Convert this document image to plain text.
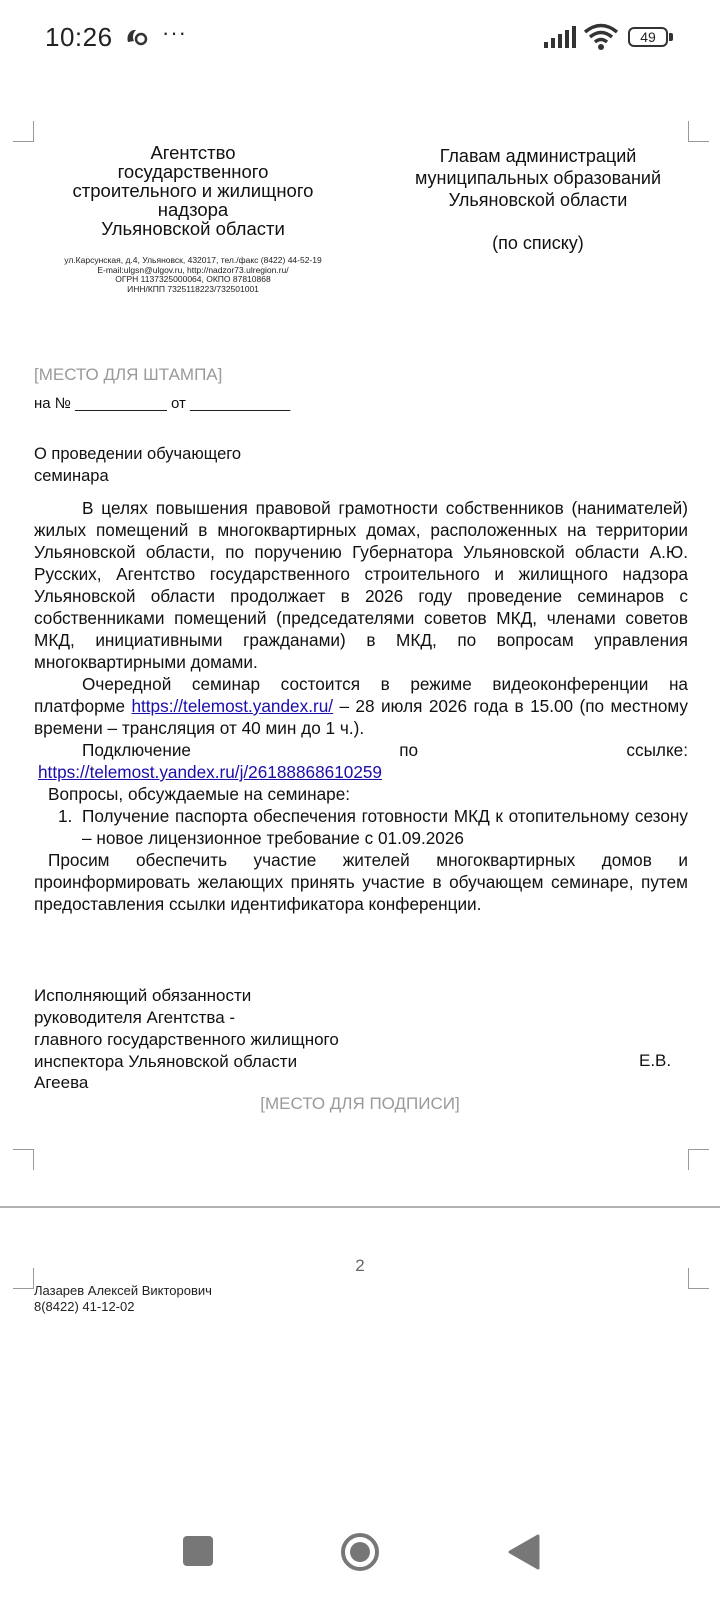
10:26 ···	49
Агентство
государственного
строительного и жилищного
надзора
Ульяновской области
ул.Карсунская, д.4, Ульяновск, 432017, тел./факс (8422) 44-52-19
E-mail:ulgsn@ulgov.ru, http://nadzor73.ulregion.ru/
ОГРН 1137325000064, ОКПО 87810868
ИНН/КПП 7325118223/732501001
Главам администраций
муниципальных образований
Ульяновской области
(по списку)
[МЕСТО ДЛЯ ШТАМПА]
на № ___________ от ____________
О проведении обучающего
семинара

В целях повышения правовой грамотности собственников (нанимателей) жилых помещений в многоквартирных домах, расположенных на территории Ульяновской области, по поручению Губернатора Ульяновской области А.Ю. Русских, Агентство государственного строительного и жилищного надзора Ульяновской области продолжает в 2026 году проведение семинаров с собственниками помещений (председателями советов МКД, членами советов МКД, инициативными гражданами) в МКД, по вопросам управления многоквартирными домами.

Очередной семинар состоится в режиме видеоконференции на платформе https://telemost.yandex.ru/ – 28 июля 2026 года в 15.00 (по местному времени – трансляция от 40 мин до 1 ч.).

Подключение по ссылке:

https://telemost.yandex.ru/j/26188868610259

Вопросы, обсуждаемые на семинаре:

1. Получение паспорта обеспечения готовности МКД к отопительному сезону – новое лицензионное требование с 01.09.2026

Просим обеспечить участие жителей многоквартирных домов и проинформировать желающих принять участие в обучающем семинаре, путем предоставления ссылки идентификатора конференции.

Исполняющий обязанности
руководителя Агентства -
главного государственного жилищного
инспектора Ульяновской области	Е.В.
Агеева
[МЕСТО ДЛЯ ПОДПИСИ]
2
Лазарев Алексей Викторович
8(8422) 41-12-02
